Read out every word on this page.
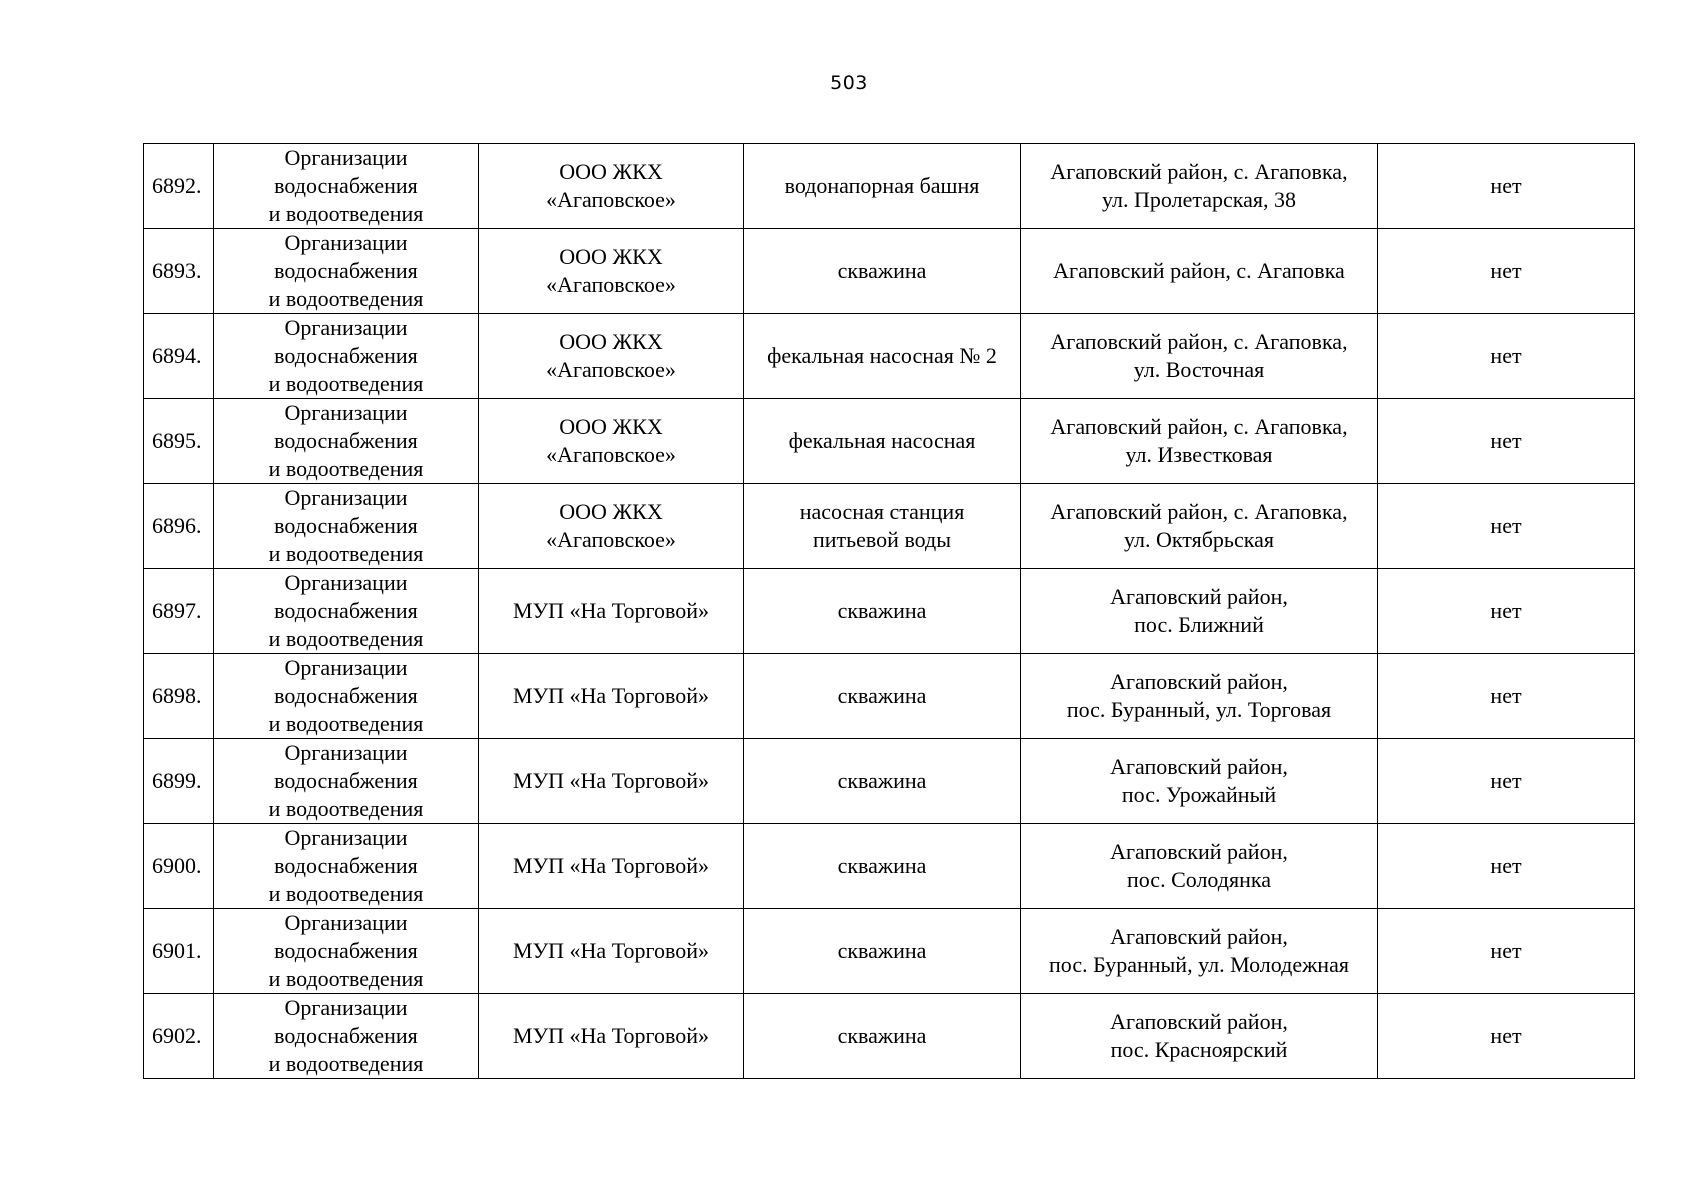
503
6892.	Организации
водоснабжения
и водоотведения	ООО ЖКХ
«Агаповское»	водонапорная башня	Агаповский район, с. Агаповка,
ул. Пролетарская, 38	нет
6893.	Организации
водоснабжения
и водоотведения	ООО ЖКХ
«Агаповское»	скважина	Агаповский район, с. Агаповка	нет
6894.	Организации
водоснабжения
и водоотведения	ООО ЖКХ
«Агаповское»	фекальная насосная № 2	Агаповский район, с. Агаповка,
ул. Восточная	нет
6895.	Организации
водоснабжения
и водоотведения	ООО ЖКХ
«Агаповское»	фекальная насосная	Агаповский район, с. Агаповка,
ул. Известковая	нет
6896.	Организации
водоснабжения
и водоотведения	ООО ЖКХ
«Агаповское»	насосная станция
питьевой воды	Агаповский район, с. Агаповка,
ул. Октябрьская	нет
6897.	Организации
водоснабжения
и водоотведения	МУП «На Торговой»	скважина	Агаповский район,
пос. Ближний	нет
6898.	Организации
водоснабжения
и водоотведения	МУП «На Торговой»	скважина	Агаповский район,
пос. Буранный, ул. Торговая	нет
6899.	Организации
водоснабжения
и водоотведения	МУП «На Торговой»	скважина	Агаповский район,
пос. Урожайный	нет
6900.	Организации
водоснабжения
и водоотведения	МУП «На Торговой»	скважина	Агаповский район,
пос. Солодянка	нет
6901.	Организации
водоснабжения
и водоотведения	МУП «На Торговой»	скважина	Агаповский район,
пос. Буранный, ул. Молодежная	нет
6902.	Организации
водоснабжения
и водоотведения	МУП «На Торговой»	скважина	Агаповский район,
пос. Красноярский	нет
